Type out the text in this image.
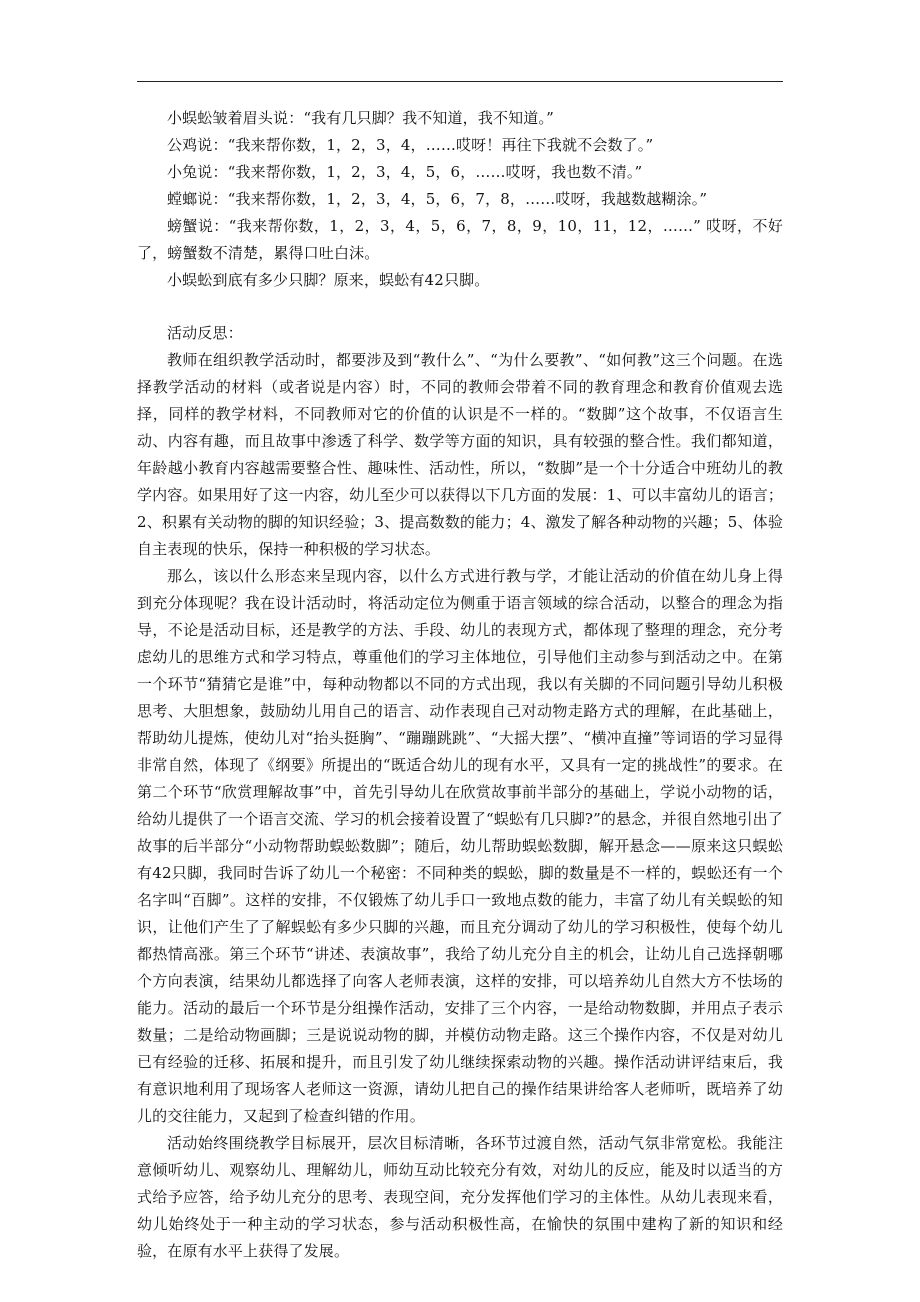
小蜈蚣皱着眉头说：“我有几只脚？我不知道，我不知道。”

公鸡说：“我来帮你数，1，2，3，4，……哎呀！再往下我就不会数了。”

小兔说：“我来帮你数，1，2，3，4，5，6，……哎呀，我也数不清。”

螳螂说：“我来帮你数，1，2，3，4，5，6，7，8，……哎呀，我越数越糊涂。”

螃蟹说：“我来帮你数，1，2，3，4，5，6，7，8，9，10，11，12，……” 哎呀，不好了，螃蟹数不清楚，累得口吐白沫。

小蜈蚣到底有多少只脚？原来，蜈蚣有42只脚。

活动反思：

教师在组织教学活动时，都要涉及到“教什么”、“为什么要教”、“如何教”这三个问题。在选择教学活动的材料（或者说是内容）时，不同的教师会带着不同的教育理念和教育价值观去选择，同样的教学材料，不同教师对它的价值的认识是不一样的。“数脚”这个故事，不仅语言生动、内容有趣，而且故事中渗透了科学、数学等方面的知识，具有较强的整合性。我们都知道，年龄越小教育内容越需要整合性、趣味性、活动性，所以，“数脚”是一个十分适合中班幼儿的教学内容。如果用好了这一内容，幼儿至少可以获得以下几方面的发展：1、可以丰富幼儿的语言；2、积累有关动物的脚的知识经验；3、提高数数的能力；4、激发了解各种动物的兴趣；5、体验自主表现的快乐，保持一种积极的学习状态。

那么，该以什么形态来呈现内容，以什么方式进行教与学，才能让活动的价值在幼儿身上得到充分体现呢？我在设计活动时，将活动定位为侧重于语言领域的综合活动，以整合的理念为指导，不论是活动目标，还是教学的方法、手段、幼儿的表现方式，都体现了整理的理念，充分考虑幼儿的思维方式和学习特点，尊重他们的学习主体地位，引导他们主动参与到活动之中。在第一个环节“猜猜它是谁”中，每种动物都以不同的方式出现，我以有关脚的不同问题引导幼儿积极思考、大胆想象，鼓励幼儿用自己的语言、动作表现自己对动物走路方式的理解，在此基础上，帮助幼儿提炼，使幼儿对“抬头挺胸”、“蹦蹦跳跳”、“大摇大摆”、“横冲直撞”等词语的学习显得非常自然，体现了《纲要》所提出的“既适合幼儿的现有水平，又具有一定的挑战性”的要求。在第二个环节“欣赏理解故事”中，首先引导幼儿在欣赏故事前半部分的基础上，学说小动物的话，给幼儿提供了一个语言交流、学习的机会接着设置了“蜈蚣有几只脚?”的悬念，并很自然地引出了故事的后半部分“小动物帮助蜈蚣数脚”；随后，幼儿帮助蜈蚣数脚，解开悬念——原来这只蜈蚣有42只脚，我同时告诉了幼儿一个秘密：不同种类的蜈蚣，脚的数量是不一样的，蜈蚣还有一个名字叫“百脚”。这样的安排，不仅锻炼了幼儿手口一致地点数的能力，丰富了幼儿有关蜈蚣的知识，让他们产生了了解蜈蚣有多少只脚的兴趣，而且充分调动了幼儿的学习积极性，使每个幼儿都热情高涨。第三个环节“讲述、表演故事”，我给了幼儿充分自主的机会，让幼儿自己选择朝哪个方向表演，结果幼儿都选择了向客人老师表演，这样的安排，可以培养幼儿自然大方不怯场的能力。活动的最后一个环节是分组操作活动，安排了三个内容，一是给动物数脚，并用点子表示数量；二是给动物画脚；三是说说动物的脚，并模仿动物走路。这三个操作内容，不仅是对幼儿已有经验的迁移、拓展和提升，而且引发了幼儿继续探索动物的兴趣。操作活动讲评结束后，我有意识地利用了现场客人老师这一资源，请幼儿把自己的操作结果讲给客人老师听，既培养了幼儿的交往能力，又起到了检查纠错的作用。

活动始终围绕教学目标展开，层次目标清晰，各环节过渡自然，活动气氛非常宽松。我能注意倾听幼儿、观察幼儿、理解幼儿，师幼互动比较充分有效，对幼儿的反应，能及时以适当的方式给予应答，给予幼儿充分的思考、表现空间，充分发挥他们学习的主体性。从幼儿表现来看，幼儿始终处于一种主动的学习状态，参与活动积极性高，在愉快的氛围中建构了新的知识和经验，在原有水平上获得了发展。
